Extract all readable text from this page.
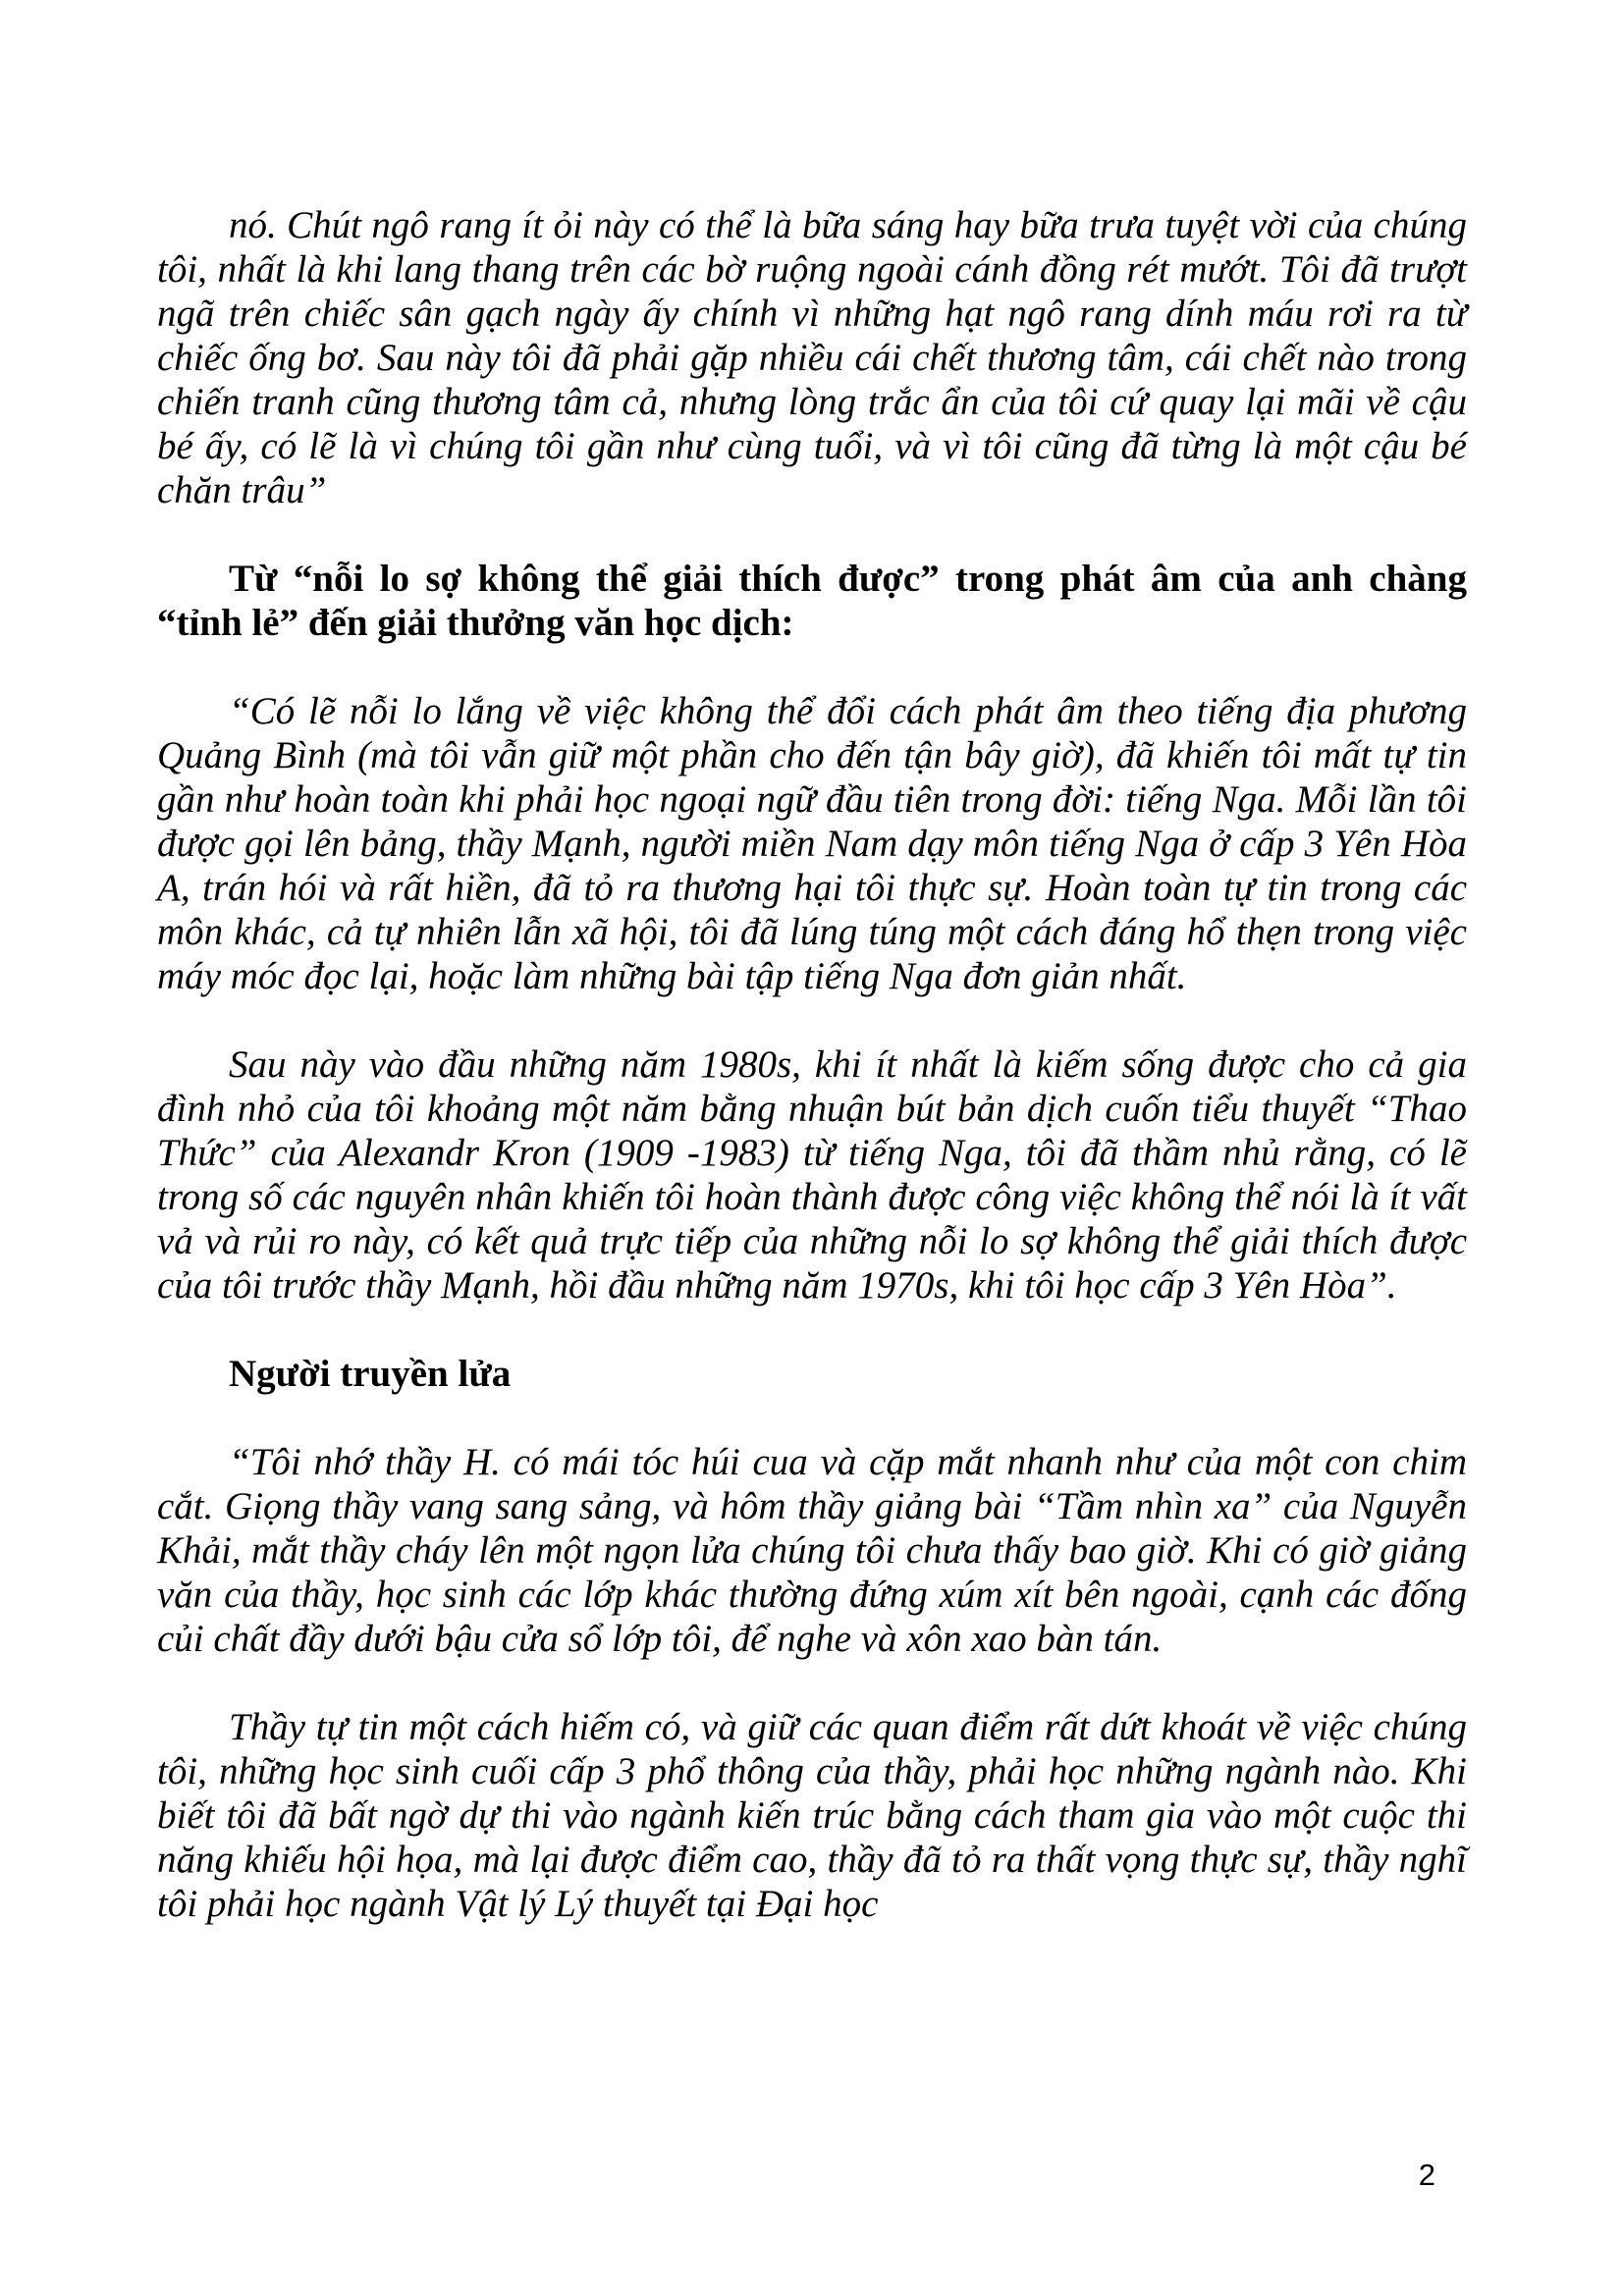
nó. Chút ngô rang ít ỏi này có thể là bữa sáng hay bữa trưa tuyệt vời của chúng tôi, nhất là khi lang thang trên các bờ ruộng ngoài cánh đồng rét mướt. Tôi đã trượt ngã trên chiếc sân gạch ngày ấy chính vì những hạt ngô rang dính máu rơi ra từ chiếc ống bơ. Sau này tôi đã phải gặp nhiều cái chết thương tâm, cái chết nào trong chiến tranh cũng thương tâm cả, nhưng lòng trắc ẩn của tôi cứ quay lại mãi về cậu bé ấy, có lẽ là vì chúng tôi gần như cùng tuổi, và vì tôi cũng đã từng là một cậu bé chăn trâu”

Từ “nỗi lo sợ không thể giải thích được” trong phát âm của anh chàng “tỉnh lẻ” đến giải thưởng văn học dịch:

“Có lẽ nỗi lo lắng về việc không thể đổi cách phát âm theo tiếng địa phương Quảng Bình (mà tôi vẫn giữ một phần cho đến tận bây giờ), đã khiến tôi mất tự tin gần như hoàn toàn khi phải học ngoại ngữ đầu tiên trong đời: tiếng Nga. Mỗi lần tôi được gọi lên bảng, thầy Mạnh, người miền Nam dạy môn tiếng Nga ở cấp 3 Yên Hòa A, trán hói và rất hiền, đã tỏ ra thương hại tôi thực sự. Hoàn toàn tự tin trong các môn khác, cả tự nhiên lẫn xã hội, tôi đã lúng túng một cách đáng hổ thẹn trong việc máy móc đọc lại, hoặc làm những bài tập tiếng Nga đơn giản nhất.

Sau này vào đầu những năm 1980s, khi ít nhất là kiếm sống được cho cả gia đình nhỏ của tôi khoảng một năm bằng nhuận bút bản dịch cuốn tiểu thuyết “Thao Thức” của Alexandr Kron (1909 -1983) từ tiếng Nga, tôi đã thầm nhủ rằng, có lẽ trong số các nguyên nhân khiến tôi hoàn thành được công việc không thể nói là ít vất vả và rủi ro này, có kết quả trực tiếp của những nỗi lo sợ không thể giải thích được của tôi trước thầy Mạnh, hồi đầu những năm 1970s, khi tôi học cấp 3 Yên Hòa”.

Người truyền lửa

“Tôi nhớ thầy H. có mái tóc húi cua và cặp mắt nhanh như của một con chim cắt. Giọng thầy vang sang sảng, và hôm thầy giảng bài “Tầm nhìn xa” của Nguyễn Khải, mắt thầy cháy lên một ngọn lửa chúng tôi chưa thấy bao giờ. Khi có giờ giảng văn của thầy, học sinh các lớp khác thường đứng xúm xít bên ngoài, cạnh các đống củi chất đầy dưới bậu cửa sổ lớp tôi, để nghe và xôn xao bàn tán.

Thầy tự tin một cách hiếm có, và giữ các quan điểm rất dứt khoát về việc chúng tôi, những học sinh cuối cấp 3 phổ thông của thầy, phải học những ngành nào. Khi biết tôi đã bất ngờ dự thi vào ngành kiến trúc bằng cách tham gia vào một cuộc thi năng khiếu hội họa, mà lại được điểm cao, thầy đã tỏ ra thất vọng thực sự, thầy nghĩ tôi phải học ngành Vật lý Lý thuyết tại Đại học

2
